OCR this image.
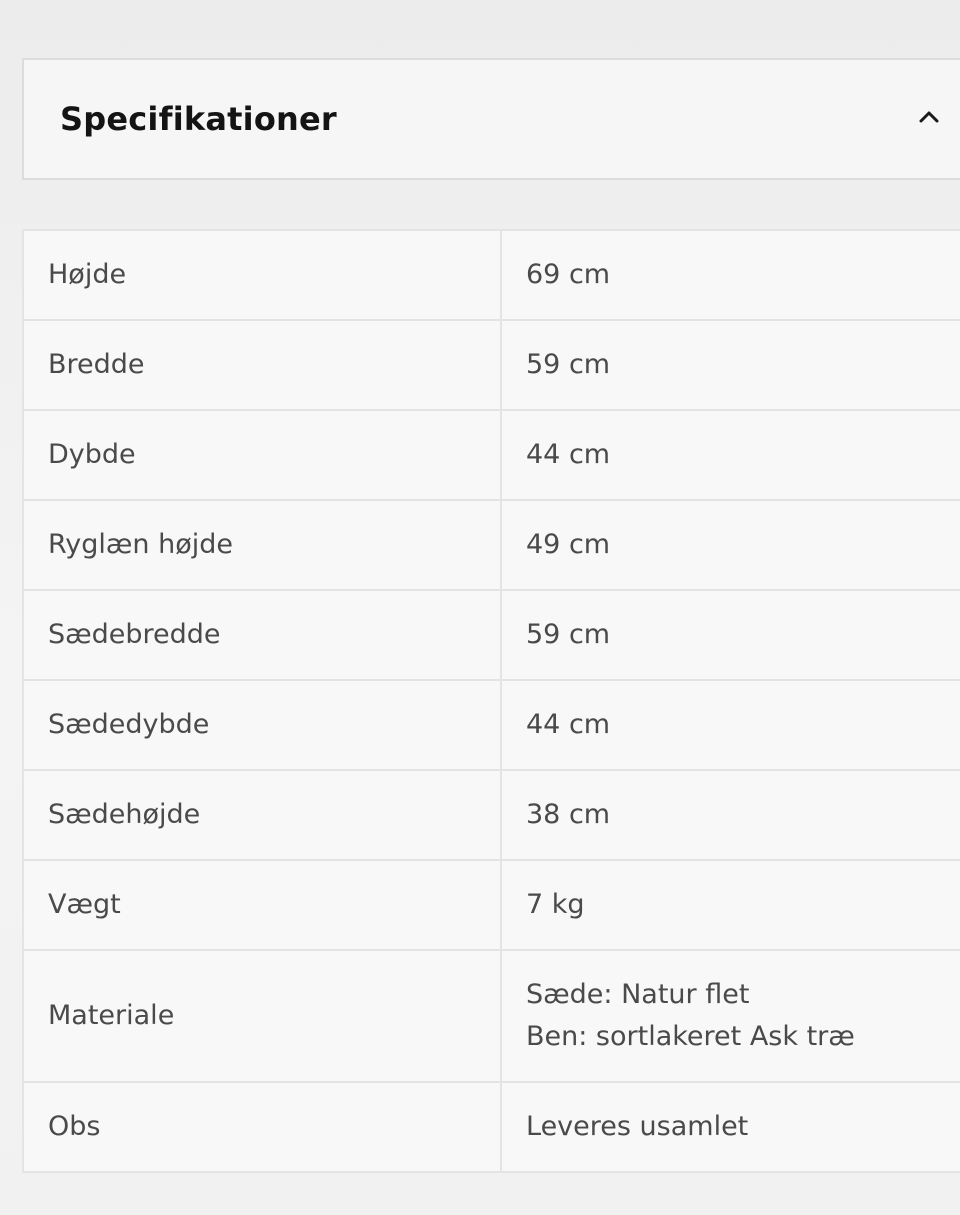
Specifikationer
Højde	69 cm
Bredde	59 cm
Dybde	44 cm
Ryglæn højde	49 cm
Sædebredde	59 cm
Sædedybde	44 cm
Sædehøjde	38 cm
Vægt	7 kg
Materiale	Sæde: Natur flet
Ben: sortlakeret Ask træ

Obs	Leveres usamlet
